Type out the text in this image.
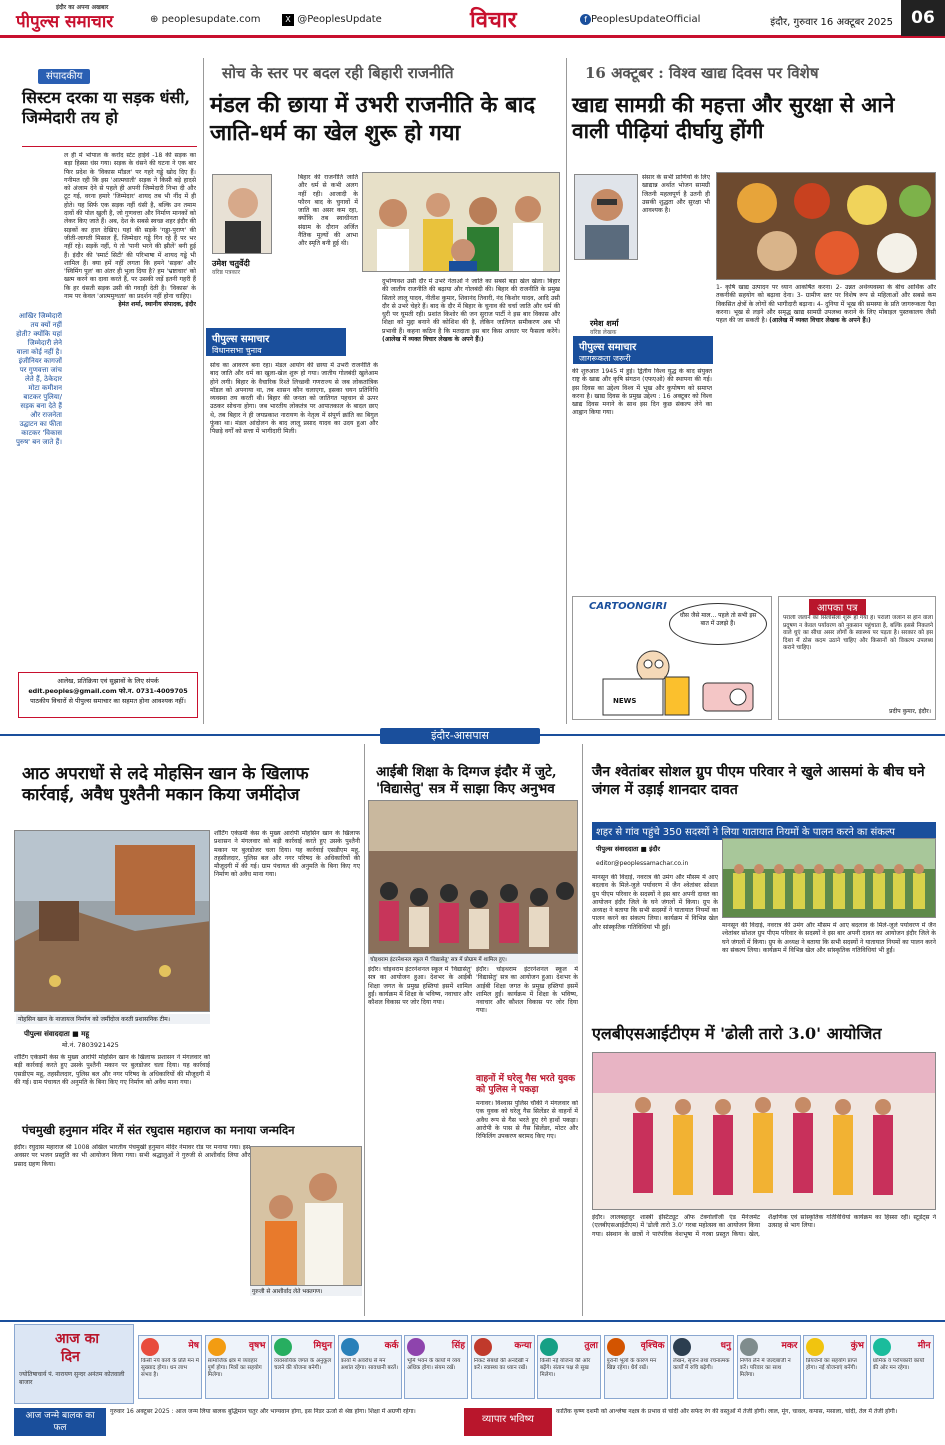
इंदौर का अपना अखबार
पीपुल्स समाचार	⊕ peoplesupdate.com	X @PeoplesUpdate	विचार	f PeoplesUpdateOfficial	इंदौर, गुरुवार 16 अक्टूबर 2025	06
संपादकीय
सिस्टम दरका या सड़क धंसी, जिम्मेदारी तय हो
ल ही में भोपाल के करोंद स्टेट हाईवे -18 की सड़क का बड़ा हिस्सा धंस गया। सड़क के धंसने की घटना ने एक बार फिर प्रदेश के 'विकास मॉडल' पर गहरे गड्ढे खोद दिए हैं। गनीमत रही कि इस 'आत्मघाती' सड़क ने किसी बड़े हादसे को अंजाम देने से पहले ही अपनी जिम्मेदारी निभा दी और टूट गई, वरना हमारे 'जिम्मेदार' शायद तब भी नींद में ही होते। यह सिर्फ एक सड़क नहीं धंसी है, बल्कि उन तमाम दावों की पोल खुली है, जो गुणवत्ता और निर्माण मानकों को लेकर किए जाते हैं। अब, देश के सबसे स्वच्छ शहर इंदौर की सड़कों का हाल देखिए। यहां की सड़कें 'गड्ढा-पुराण' की जीती-जागती मिसाल हैं, जिम्मेदार गड्ढे गिन रहे हैं पर भर नहीं रहे। सड़कें नहीं, ये तो 'पानी भरने की झीलें' बनी हुई हैं। इंदौर की 'स्मार्ट सिटी' की परिभाषा में शायद गड्ढे भी शामिल हैं। क्या हमें नहीं लगता कि हमने 'सड़क' और 'स्विमिंग पूल' का अंतर ही भुला दिया है? हम 'भ्रष्टाचार' को खत्म करने का दावा करते हैं, पर उसकी जड़ें इतनी गहरी हैं कि हर धंसती सड़क उसी की गवाही देती है। 'विकास' के नाम पर केवल 'आत्ममुग्धता' का प्रदर्शन नहीं होना चाहिए।
हेमंत शर्मा, स्थानीय संपादक, इंदौर
आखिर जिम्मेदारी तय क्यों नहीं होती? क्योंकि यहां जिम्मेदारी लेने वाला कोई नहीं है। इंजीनियर कागजों पर गुणवत्ता जांच लेते हैं, ठेकेदार मोटा कमीशन बाटकर पुलिया/सड़क बना देते हैं और राजनेता उद्घाटन का फीता काटकर 'विकास पुरुष' बन जाते हैं।
आलेख, प्रतिक्रिया एवं सुझावों के लिए संपर्क
edit.peoples@gmail.com फो.न. 0731-4009705
पाठकीय विचारों से पीपुल्स समाचार का सहमत होना आवश्यक नहीं।
सोच के स्तर पर बदल रही बिहारी राजनीति
मंडल की छाया में उभरी राजनीति के बाद जाति-धर्म का खेल शुरू हो गया
उमेश चतुर्वेदी
वरिष्ठ पत्रकार
पीपुल्स समाचार
विधानसभा चुनाव
बिहार की राजनीति जाति और धर्म से कभी अलग नहीं रही। आजादी के फौरन बाद के चुनावों में जाति का असर कम रहा, क्योंकि तब स्वाधीनता संग्राम के दौरान अर्जित नैतिक मूल्यों की आभा और स्मृति बनी हुई थी।
सोच का आवरण बना रहा। मंडल आयोग की छाया में उभरी राजनीति के बाद जाति और धर्म का खुला-खेल शुरू हो गया। जातीय गोलबंदी खुलेआम होने लगी। बिहार के वैचारिक रिश्ते लिच्छवी गणराज्य से जब लोकतांत्रिक मॉडल को अपनाया था, तब शासन कौन चलाएगा, इसका चयन प्रतिनिधि व्यवस्था तय करती थी। बिहार की जनता को जातिगत पहचान से ऊपर उठकर सोचना होगा। जब भारतीय लोकतंत्र पर आपातकाल के बादल छाए थे, तब बिहार ने ही जयप्रकाश नारायण के नेतृत्व में संपूर्ण क्रांति का बिगुल फूंका था। मंडल आंदोलन के बाद लालू प्रसाद यादव का उदय हुआ और पिछड़े वर्गों को सत्ता में भागीदारी मिली।
दुर्भाग्यवश उसी दौर में उभरे नेताओं ने जाति का सबसे बड़ा खेल खेला। बिहार की जातीय राजनीति की बढ़ाया और गोलबंदी की। बिहार की राजनीति के प्रमुख सितारे लालू यादव, नीतीश कुमार, शिवानंद तिवारी, नंद किशोर यादव, आदि उसी दौर से उभरे चेहरे हैं। बाद के दौर में बिहार के चुनाव की चर्चा जाति और धर्म की धुरी पर घूमती रही। प्रशांत किशोर की जन सुराज पार्टी ने इस बार विकास और शिक्षा को मुद्दा बनाने की कोशिश की है, लेकिन जातिगत समीकरण अब भी प्रभावी हैं। कहना कठिन है कि मतदाता इस बार किस आधार पर फैसला करेंगे। (आलेख में व्यक्त विचार लेखक के अपने हैं।)
16 अक्टूबर : विश्व खाद्य दिवस पर विशेष
खाद्य सामग्री की महत्ता और सुरक्षा से आने वाली पीढ़ियां दीर्घायु होंगी
रमेश शर्मा
वरिष्ठ लेखक
पीपुल्स समाचार
जागरूकता जरूरी
संसार के सभी प्राणियों के लिए खाद्यान्न अर्थात भोजन सामग्री जितनी महत्वपूर्ण है उतनी ही उसकी शुद्धता और सुरक्षा भी आवश्यक है।
की शुरुआत 1945 में हुई। द्वितीय विश्व युद्ध के बाद संयुक्त राष्ट्र के खाद्य और कृषि संगठन (एफएओ) की स्थापना की गई। इस दिवस का उद्देश्य विश्व में भूख और कुपोषण को समाप्त करना है। खाद्य दिवस के प्रमुख उद्देश्य : 16 अक्टूबर को विश्व खाद्य दिवस मनाने के साथ इस दिन कुछ संकल्प लेने का आह्वान किया गया।
1- कृषि खाद्य उत्पादन पर ध्यान आकर्षित करना। 2- उन्नत अर्थव्यवस्था के बीच आर्थिक और तकनीकी सहयोग को बढ़ावा देना। 3- ग्रामीण स्तर पर विशेष रूप से महिलाओं और सबसे कम विकसित क्षेत्रों के लोगों की भागीदारी बढ़ाना। 4- दुनिया में भूख की समस्या के प्रति जागरूकता पैदा करना। भूख से लड़ने और समृद्ध खाद्य सामग्री उपलब्ध कराने के लिए मोबाइल पुस्तकालय जैसी पहल की जा सकती है। (आलेख में व्यक्त विचार लेखक के अपने हैं।)
CARTOONGIRI
धौस जैसे माल... पहले तो सभी इस बात में उलझे हैं।
NEWS
आपका पत्र
पराली जलाने का सिलसिला शुरू हो गया है। पराली जलाने से होने वाला प्रदूषण न केवल पर्यावरण को नुकसान पहुंचाता है, बल्कि इससे निकलने वाले धुएं का सीधा असर लोगों के स्वास्थ्य पर पड़ता है। सरकार को इस दिशा में ठोस कदम उठाने चाहिए और किसानों को विकल्प उपलब्ध कराने चाहिए।
प्रदीप कुमार, इंदौर।
इंदौर-आसपास
आठ अपराधों से लदे मोहसिन खान के खिलाफ कार्रवाई, अवैध पुश्तैनी मकान किया जमींदोज
मोहसिन खान के नाजायज निर्माण को जमींदोज करती प्रशासनिक टीम।
पीपुल्स संवाददाता ■ महू
मो.नं. 7803921425
शॉर्टिंग एकेडमी केस के मुख्य आरोपी मोहसिन खान के खिलाफ प्रशासन ने मंगलवार को बड़ी कार्रवाई करते हुए उसके पुश्तैनी मकान पर बुलडोजर चला दिया। यह कार्रवाई एसडीएम महू, तहसीलदार, पुलिस बल और नगर परिषद के अधिकारियों की मौजूदगी में की गई। ग्राम पंचायत की अनुमति के बिना किए गए निर्माण को अवैध माना गया।
शॉर्टिंग एकेडमी केस के मुख्य आरोपी मोहसिन खान के खिलाफ प्रशासन ने मंगलवार को बड़ी कार्रवाई करते हुए उसके पुश्तैनी मकान पर बुलडोजर चला दिया। यह कार्रवाई एसडीएम महू, तहसीलदार, पुलिस बल और नगर परिषद के अधिकारियों की मौजूदगी में की गई। ग्राम पंचायत की अनुमति के बिना किए गए निर्माण को अवैध माना गया।
पंचमुखी हनुमान मंदिर में संत रघुदास महाराज का मनाया जन्मदिन
इंदौर। रघुदास महाराज श्री 1008 अखिल भारतीय पंचमुखी हनुमान मंदिर नेमावर रोड पर मनाया गया। इस अवसर पर भजन प्रस्तुति का भी आयोजन किया गया। सभी श्रद्धालुओं ने गुरुजी से आशीर्वाद लिया और प्रसाद ग्रहण किया।
गुरुजी से आशीर्वाद लेते भक्तगण।
आईबी शिक्षा के दिग्गज इंदौर में जुटे, 'विद्यासेतु' सत्र में साझा किए अनुभव
चोइथराम इंटरनेशनल स्कूल में 'विद्यासेतु' सत्र में प्रोग्राम में शामिल हुए।
इंदौर। चोइथराम इंटरनेशनल स्कूल में 'विद्यासेतु' सत्र का आयोजन हुआ। देशभर के आईबी शिक्षा जगत के प्रमुख हस्तियां इसमें शामिल हुईं। कार्यक्रम में शिक्षा के भविष्य, नवाचार और कौशल विकास पर जोर दिया गया।
इंदौर। चोइथराम इंटरनेशनल स्कूल में 'विद्यासेतु' सत्र का आयोजन हुआ। देशभर के आईबी शिक्षा जगत के प्रमुख हस्तियां इसमें शामिल हुईं। कार्यक्रम में शिक्षा के भविष्य, नवाचार और कौशल विकास पर जोर दिया गया।
वाहनों में घरेलू गैस भरते युवक को पुलिस ने पकड़ा
मनावर। विश्वास पुलिस चौकी ने मंगलवार को एक युवक को घरेलू गैस सिलेंडर से वाहनों में अवैध रूप से गैस भरते हुए रंगे हाथों पकड़ा। आरोपी के पास से गैस सिलेंडर, मोटर और रिफिलिंग उपकरण बरामद किए गए।
जैन श्वेतांबर सोशल ग्रुप पीएम परिवार ने खुले आसमां के बीच घने जंगल में उड़ाई शानदार दावत
शहर से गांव पहुंचे 350 सदस्यों ने लिया यातायात नियमों के पालन करने का संकल्प
पीपुल्स संवाददाता ■ इंदौर
editor@peoplessamachar.co.in
मानसून की विदाई, नवरात्र की उमंग और मौसम में आए बदलाव के मिले-जुले पर्यावरण में जैन श्वेतांबर सोशल ग्रुप पीएम परिवार के सदस्यों ने इस बार अपनी दावत का आयोजन इंदौर जिले के घने जंगलों में किया। ग्रुप के अध्यक्ष ने बताया कि सभी सदस्यों ने यातायात नियमों का पालन करने का संकल्प लिया। कार्यक्रम में विभिन्न खेल और सांस्कृतिक गतिविधियां भी हुईं।	मानसून की विदाई, नवरात्र की उमंग और मौसम में आए बदलाव के मिले-जुले पर्यावरण में जैन श्वेतांबर सोशल ग्रुप पीएम परिवार के सदस्यों ने इस बार अपनी दावत का आयोजन इंदौर जिले के घने जंगलों में किया। ग्रुप के अध्यक्ष ने बताया कि सभी सदस्यों ने यातायात नियमों का पालन करने का संकल्प लिया। कार्यक्रम में विभिन्न खेल और सांस्कृतिक गतिविधियां भी हुईं।
एलबीएसआईटीएम में 'ढोली तारो 3.0' आयोजित
इंदौर। लालबहादुर शास्त्री इंस्टिट्यूट ऑफ टेक्नोलॉजी एंड मैनेजमेंट (एलबीएसआईटीएम) में 'ढोली तारो 3.0' गरबा महोत्सव का आयोजन किया गया। संस्थान के छात्रों ने पारंपरिक वेशभूषा में गरबा प्रस्तुत किया। खेल, शैक्षणिक एवं सांस्कृतिक गतिविधियां कार्यक्रम का हिस्सा रहीं। स्टूडेंट्स ने उत्साह से भाग लिया।
आज का
दिन
ज्योतिषाचार्य पं. नारायण सुन्दर अनंतम कोतवाली बाजार
मेष
किसी नये कार्य के प्रति मन में सुख्याद होगा। धन लाभ संभव है।
वृषभ
सामाजिक क्षेत्र में व्यवहार पूर्ण होगा। मित्रों का सहयोग मिलेगा।
मिथुन
व्यवसायिक जगत के अनुकूल चलने की योजना बनेगी।
कर्क
कार्यों में अवरोध से मन अशांत रहेगा। सावधानी बरतें।
सिंह
भूमि भवन के कार्यों में व्यय अधिक होगा। संयम रखें।
कन्या
निकट संबंधों की अनदेखी न करें। स्वास्थ्य का ध्यान रखें।
तुला
किसी नई योजना की ओर बढ़ेंगे। संतान पक्ष से सुख मिलेगा।
वृश्चिक
पुरानी भूलों के कारण मन खिन्न रहेगा। धैर्य रखें।
धनु
लेखन, सृजन तथा रचनात्मक कार्यों में रुचि बढ़ेगी।
मकर
निर्णय लेने में जल्दबाजी न करें। परिवार का साथ मिलेगा।
कुंभ
प्रियजनों का सहयोग प्राप्त होगा। नई योजनाएं बनेंगी।
मीन
धार्मिक व परोपकारी कार्यों की ओर मन रहेगा।
आज जन्मे बालक का फल
गुरुवार 16 अक्टूबर 2025 : आज जन्म लिया बालक बुद्धिमान चतुर और भाग्यवान होगा, इस निडर ऊर्जा से श्रेष्ठ होगा। शिक्षा में अग्रणी रहेगा।
व्यापार भविष्य
कार्तिक कृष्ण दशमी को आश्लेषा नक्षत्र के प्रभाव से चांदी और सफेद रंग की वस्तुओं में तेजी होगी। लाल, मूंग, चावल, कपास, मसाला, चांदी, तेल में तेजी होगी।
